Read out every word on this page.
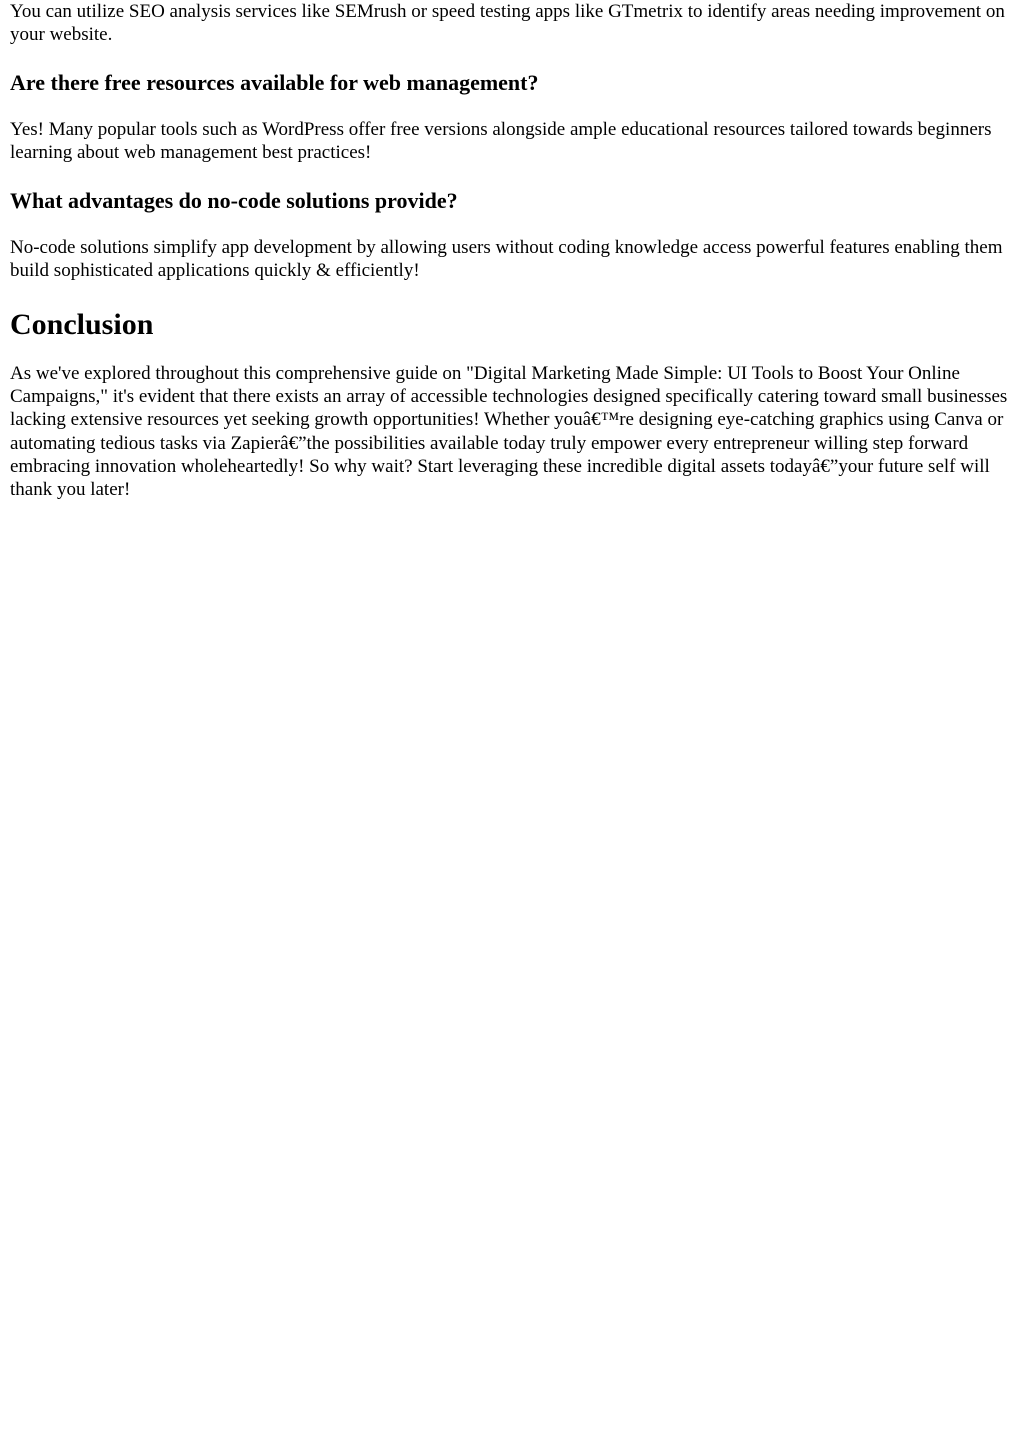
You can utilize SEO analysis services like SEMrush or speed testing apps like GTmetrix to identify areas needing improvement on your website.

Are there free resources available for web management?

Yes! Many popular tools such as WordPress offer free versions alongside ample educational resources tailored towards beginners learning about web management best practices!

What advantages do no-code solutions provide?

No-code solutions simplify app development by allowing users without coding knowledge access powerful features enabling them build sophisticated applications quickly & efficiently!

Conclusion

As we've explored throughout this comprehensive guide on "Digital Marketing Made Simple: UI Tools to Boost Your Online Campaigns," it's evident that there exists an array of accessible technologies designed specifically catering toward small businesses lacking extensive resources yet seeking growth opportunities! Whether youâ€™re designing eye-catching graphics using Canva or automating tedious tasks via Zapierâ€”the possibilities available today truly empower every entrepreneur willing step forward embracing innovation wholeheartedly! So why wait? Start leveraging these incredible digital assets todayâ€”your future self will thank you later!
